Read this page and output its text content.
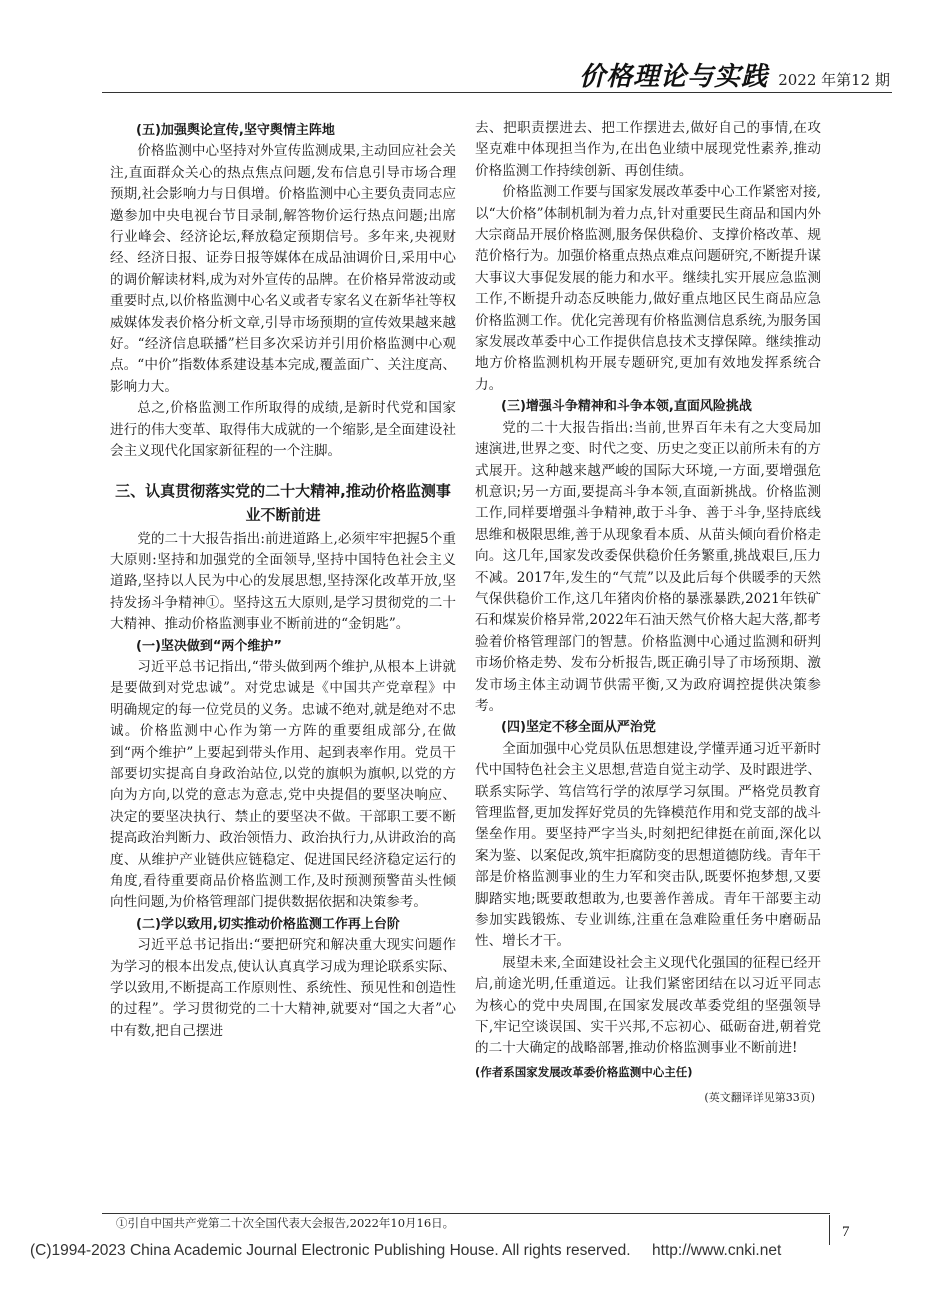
价格理论与实践 2022 年第12 期

(五)加强舆论宣传,坚守舆情主阵地

价格监测中心坚持对外宣传监测成果,主动回应社会关注,直面群众关心的热点焦点问题,发布信息引导市场合理预期,社会影响力与日俱增。价格监测中心主要负责同志应邀参加中央电视台节目录制,解答物价运行热点问题;出席行业峰会、经济论坛,释放稳定预期信号。多年来,央视财经、经济日报、证券日报等媒体在成品油调价日,采用中心的调价解读材料,成为对外宣传的品牌。在价格异常波动或重要时点,以价格监测中心名义或者专家名义在新华社等权威媒体发表价格分析文章,引导市场预期的宣传效果越来越好。“经济信息联播”栏目多次采访并引用价格监测中心观点。“中价”指数体系建设基本完成,覆盖面广、关注度高、影响力大。

总之,价格监测工作所取得的成绩,是新时代党和国家进行的伟大变革、取得伟大成就的一个缩影,是全面建设社会主义现代化国家新征程的一个注脚。

三、认真贯彻落实党的二十大精神,推动价格监测事业不断前进

党的二十大报告指出:前进道路上,必须牢牢把握5个重大原则:坚持和加强党的全面领导,坚持中国特色社会主义道路,坚持以人民为中心的发展思想,坚持深化改革开放,坚持发扬斗争精神①。坚持这五大原则,是学习贯彻党的二十大精神、推动价格监测事业不断前进的“金钥匙”。

(一)坚决做到“两个维护”

习近平总书记指出,“带头做到两个维护,从根本上讲就是要做到对党忠诚”。对党忠诚是《中国共产党章程》中明确规定的每一位党员的义务。忠诚不绝对,就是绝对不忠诚。价格监测中心作为第一方阵的重要组成部分,在做到“两个维护”上要起到带头作用、起到表率作用。党员干部要切实提高自身政治站位,以党的旗帜为旗帜,以党的方向为方向,以党的意志为意志,党中央提倡的要坚决响应、决定的要坚决执行、禁止的要坚决不做。干部职工要不断提高政治判断力、政治领悟力、政治执行力,从讲政治的高度、从维护产业链供应链稳定、促进国民经济稳定运行的角度,看待重要商品价格监测工作,及时预测预警苗头性倾向性问题,为价格管理部门提供数据依据和决策参考。

(二)学以致用,切实推动价格监测工作再上台阶

习近平总书记指出:“要把研究和解决重大现实问题作为学习的根本出发点,使认认真真学习成为理论联系实际、学以致用,不断提高工作原则性、系统性、预见性和创造性的过程”。学习贯彻党的二十大精神,就要对“国之大者”心中有数,把自己摆进

去、把职责摆进去、把工作摆进去,做好自己的事情,在攻坚克难中体现担当作为,在出色业绩中展现党性素养,推动价格监测工作持续创新、再创佳绩。

价格监测工作要与国家发展改革委中心工作紧密对接,以“大价格”体制机制为着力点,针对重要民生商品和国内外大宗商品开展价格监测,服务保供稳价、支撑价格改革、规范价格行为。加强价格重点热点难点问题研究,不断提升谋大事议大事促发展的能力和水平。继续扎实开展应急监测工作,不断提升动态反映能力,做好重点地区民生商品应急价格监测工作。优化完善现有价格监测信息系统,为服务国家发展改革委中心工作提供信息技术支撑保障。继续推动地方价格监测机构开展专题研究,更加有效地发挥系统合力。

(三)增强斗争精神和斗争本领,直面风险挑战

党的二十大报告指出:当前,世界百年未有之大变局加速演进,世界之变、时代之变、历史之变正以前所未有的方式展开。这种越来越严峻的国际大环境,一方面,要增强危机意识;另一方面,要提高斗争本领,直面新挑战。价格监测工作,同样要增强斗争精神,敢于斗争、善于斗争,坚持底线思维和极限思维,善于从现象看本质、从苗头倾向看价格走向。这几年,国家发改委保供稳价任务繁重,挑战艰巨,压力不减。2017年,发生的“气荒”以及此后每个供暖季的天然气保供稳价工作,这几年猪肉价格的暴涨暴跌,2021年铁矿石和煤炭价格异常,2022年石油天然气价格大起大落,都考验着价格管理部门的智慧。价格监测中心通过监测和研判市场价格走势、发布分析报告,既正确引导了市场预期、激发市场主体主动调节供需平衡,又为政府调控提供决策参考。

(四)坚定不移全面从严治党

全面加强中心党员队伍思想建设,学懂弄通习近平新时代中国特色社会主义思想,营造自觉主动学、及时跟进学、联系实际学、笃信笃行学的浓厚学习氛围。严格党员教育管理监督,更加发挥好党员的先锋模范作用和党支部的战斗堡垒作用。要坚持严字当头,时刻把纪律挺在前面,深化以案为鉴、以案促改,筑牢拒腐防变的思想道德防线。青年干部是价格监测事业的生力军和突击队,既要怀抱梦想,又要脚踏实地;既要敢想敢为,也要善作善成。青年干部要主动参加实践锻炼、专业训练,注重在急难险重任务中磨砺品性、增长才干。

展望未来,全面建设社会主义现代化强国的征程已经开启,前途光明,任重道远。让我们紧密团结在以习近平同志为核心的党中央周围,在国家发展改革委党组的坚强领导下,牢记空谈误国、实干兴邦,不忘初心、砥砺奋进,朝着党的二十大确定的战略部署,推动价格监测事业不断前进!

(作者系国家发展改革委价格监测中心主任)

(英文翻译详见第33页)

①引自中国共产党第二十次全国代表大会报告,2022年10月16日。
7
(C)1994-2023 China Academic Journal Electronic Publishing House. All rights reserved.     http://www.cnki.net
